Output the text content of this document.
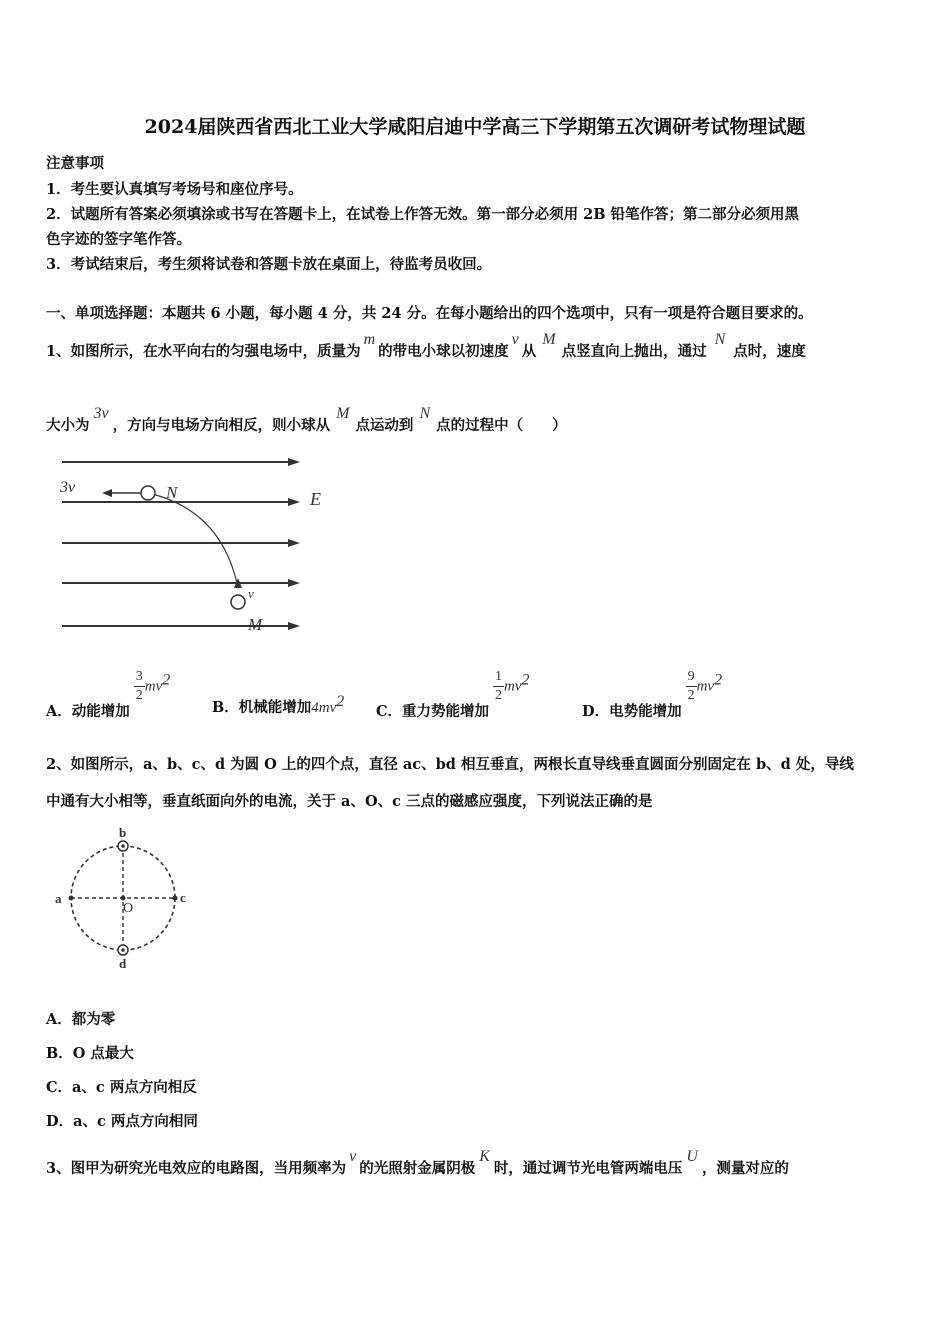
2024届陕西省西北工业大学咸阳启迪中学高三下学期第五次调研考试物理试题
注意事项
1．考生要认真填写考场号和座位序号。
2．试题所有答案必须填涂或书写在答题卡上，在试卷上作答无效。第一部分必须用 2B 铅笔作答；第二部分必须用黑
色字迹的签字笔作答。
3．考试结束后，考生须将试卷和答题卡放在桌面上，待监考员收回。
一、单项选择题：本题共 6 小题，每小题 4 分，共 24 分。在每小题给出的四个选项中，只有一项是符合题目要求的。
1、如图所示，在水平向右的匀强电场中，质量为m的带电小球以初速度v从M点竖直向上抛出，通过N点时，速度
大小为3v，方向与电场方向相反，则小球从M点运动到N点的过程中（　　）
3v	N	E
v
M
A．动能增加
$\frac{3}{2} mv^2$
B．机械能增加$4mv^2$
C．重力势能增加
$\frac{1}{2} mv^2$
D．电势能增加
$\frac{9}{2} mv^2$
2、如图所示，a、b、c、d 为圆 O 上的四个点，直径 ac、bd 相互垂直，两根长直导线垂直圆面分别固定在 b、d 处，导线
中通有大小相等，垂直纸面向外的电流，关于 a、O、c 三点的磁感应强度，下列说法正确的是
b
a	c
O
d
A．都为零
B．O 点最大
C．a、c 两点方向相反
D．a、c 两点方向相同
3、图甲为研究光电效应的电路图，当用频率为ν的光照射金属阴极K时，通过调节光电管两端电压U，测量对应的
